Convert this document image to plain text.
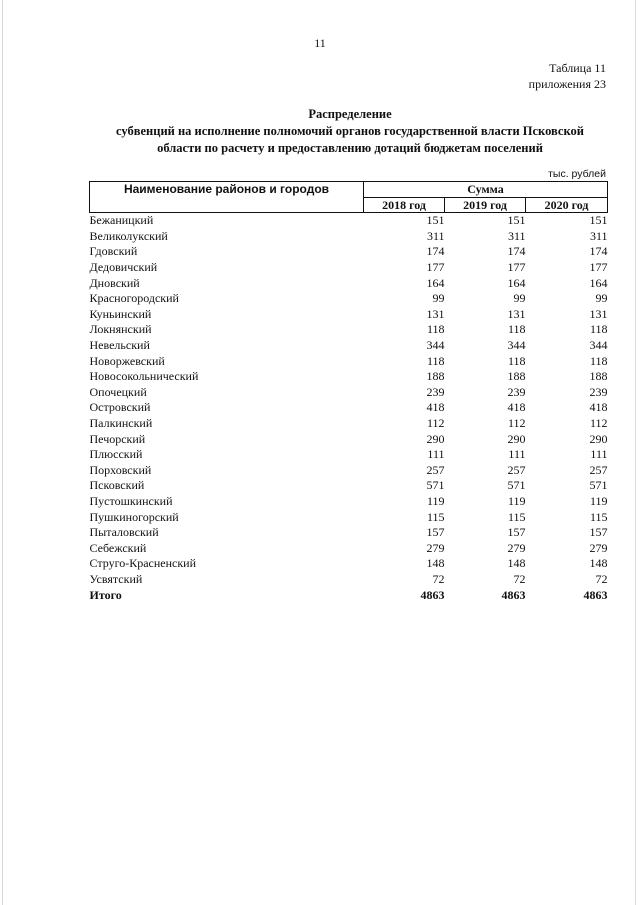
11
Таблица 11
приложения 23
Распределение
субвенций на исполнение полномочий органов государственной власти Псковской
области по расчету и предоставлению дотаций бюджетам поселений
тыс. рублей
Наименование районов и городов	Сумма		
	2018 год	2019 год	2020 год
Бежаницкий	151	151	151
Великолукский	311	311	311
Гдовский	174	174	174
Дедовичский	177	177	177
Дновский	164	164	164
Красногородский	99	99	99
Куньинский	131	131	131
Локнянский	118	118	118
Невельский	344	344	344
Новоржевский	118	118	118
Новосокольнический	188	188	188
Опочецкий	239	239	239
Островский	418	418	418
Палкинский	112	112	112
Печорский	290	290	290
Плюсский	111	111	111
Порховский	257	257	257
Псковский	571	571	571
Пустошкинский	119	119	119
Пушкиногорский	115	115	115
Пыталовский	157	157	157
Себежский	279	279	279
Струго-Красненский	148	148	148
Усвятский	72	72	72
Итого	4863	4863	4863
